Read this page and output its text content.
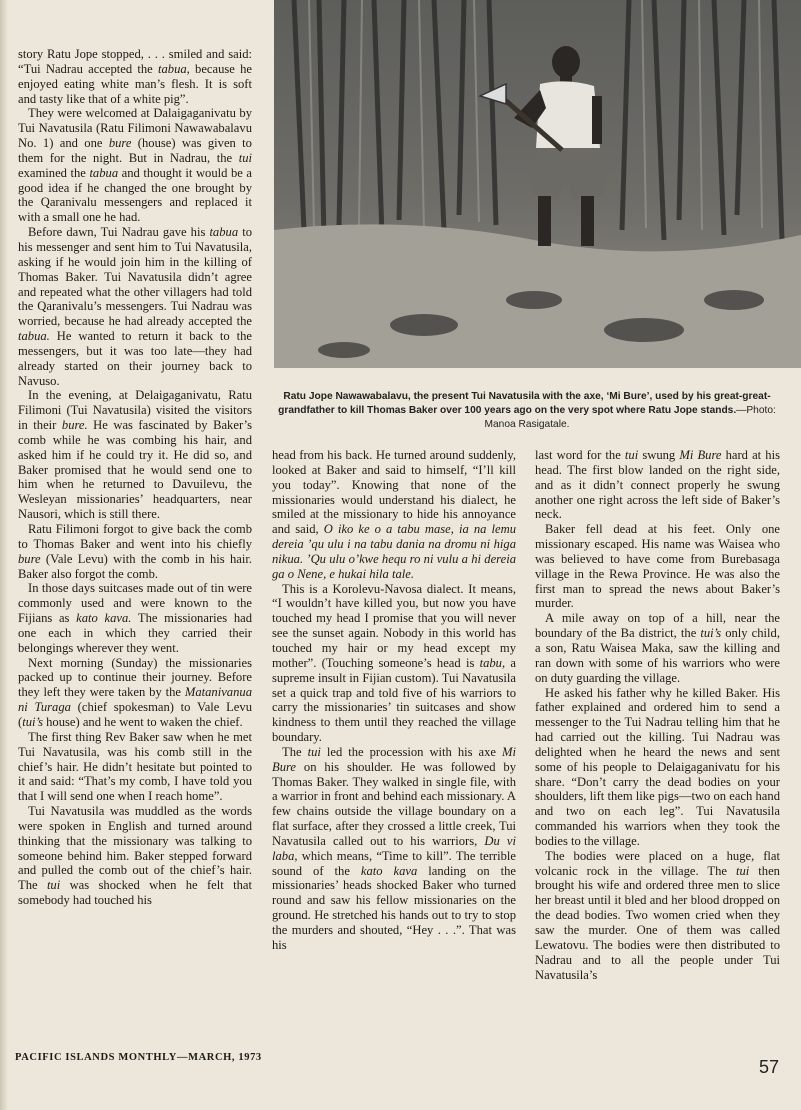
story Ratu Jope stopped, . . . smiled and said: “Tui Nadrau accepted the tabua, because he enjoyed eating white man’s flesh. It is soft and tasty like that of a white pig”.

They were welcomed at Dalaigaganivatu by Tui Navatusila (Ratu Filimoni Nawawabalavu No. 1) and one bure (house) was given to them for the night. But in Nadrau, the tui examined the tabua and thought it would be a good idea if he changed the one brought by the Qaranivalu messengers and replaced it with a small one he had.

Before dawn, Tui Nadrau gave his tabua to his messenger and sent him to Tui Navatusila, asking if he would join him in the killing of Thomas Baker. Tui Navatusila didn’t agree and repeated what the other villagers had told the Qaranivalu’s messengers. Tui Nadrau was worried, because he had already accepted the tabua. He wanted to return it back to the messengers, but it was too late—they had already started on their journey back to Navuso.

In the evening, at Delaigaganivatu, Ratu Filimoni (Tui Navatusila) visited the visitors in their bure. He was fascinated by Baker’s comb while he was combing his hair, and asked him if he could try it. He did so, and Baker promised that he would send one to him when he returned to Davuilevu, the Wesleyan missionaries’ headquarters, near Nausori, which is still there.

Ratu Filimoni forgot to give back the comb to Thomas Baker and went into his chiefly bure (Vale Levu) with the comb in his hair. Baker also forgot the comb.

In those days suitcases made out of tin were commonly used and were known to the Fijians as kato kava. The missionaries had one each in which they carried their belongings wherever they went.

Next morning (Sunday) the missionaries packed up to continue their journey. Before they left they were taken by the Matanivanua ni Turaga (chief spokesman) to Vale Levu (tui’s house) and he went to waken the chief.

The first thing Rev Baker saw when he met Tui Navatusila, was his comb still in the chief’s hair. He didn’t hesitate but pointed to it and said: “That’s my comb, I have told you that I will send one when I reach home”.

Tui Navatusila was muddled as the words were spoken in English and turned around thinking that the missionary was talking to someone behind him. Baker stepped forward and pulled the comb out of the chief’s hair. The tui was shocked when he felt that somebody had touched his

Ratu Jope Nawawabalavu, the present Tui Navatusila with the axe, ‘Mi Bure’, used by his great-great-grandfather to kill Thomas Baker over 100 years ago on the very spot where Ratu Jope stands.—Photo: Manoa Rasigatale.

head from his back. He turned around suddenly, looked at Baker and said to himself, “I’ll kill you today”. Knowing that none of the missionaries would understand his dialect, he smiled at the missionary to hide his annoyance and said, O iko ke o a tabu mase, ia na lemu dereia ’qu ulu i na tabu dania na dromu ni higa nikua. ’Qu ulu o’kwe hequ ro ni vulu a hi dereia ga o Nene, e hukai hila tale.

This is a Korolevu-Navosa dialect. It means, “I wouldn’t have killed you, but now you have touched my head I promise that you will never see the sunset again. Nobody in this world has touched my hair or my head except my mother”. (Touching someone’s head is tabu, a supreme insult in Fijian custom). Tui Navatusila set a quick trap and told five of his warriors to carry the missionaries’ tin suitcases and show kindness to them until they reached the village boundary.

The tui led the procession with his axe Mi Bure on his shoulder. He was followed by Thomas Baker. They walked in single file, with a warrior in front and behind each missionary. A few chains outside the village boundary on a flat surface, after they crossed a little creek, Tui Navatusila called out to his warriors, Du vi laba, which means, “Time to kill”. The terrible sound of the kato kava landing on the missionaries’ heads shocked Baker who turned round and saw his fellow missionaries on the ground. He stretched his hands out to try to stop the murders and shouted, “Hey . . .”. That was his

last word for the tui swung Mi Bure hard at his head. The first blow landed on the right side, and as it didn’t connect properly he swung another one right across the left side of Baker’s neck.

Baker fell dead at his feet. Only one missionary escaped. His name was Waisea who was believed to have come from Burebasaga village in the Rewa Province. He was also the first man to spread the news about Baker’s murder.

A mile away on top of a hill, near the boundary of the Ba district, the tui’s only child, a son, Ratu Waisea Maka, saw the killing and ran down with some of his warriors who were on duty guarding the village.

He asked his father why he killed Baker. His father explained and ordered him to send a messenger to the Tui Nadrau telling him that he had carried out the killing. Tui Nadrau was delighted when he heard the news and sent some of his people to Delaigaganivatu for his share. “Don’t carry the dead bodies on your shoulders, lift them like pigs—two on each hand and two on each leg”. Tui Navatusila commanded his warriors when they took the bodies to the village.

The bodies were placed on a huge, flat volcanic rock in the village. The tui then brought his wife and ordered three men to slice her breast until it bled and her blood dropped on the dead bodies. Two women cried when they saw the murder. One of them was called Lewatovu. The bodies were then distributed to Nadrau and to all the people under Tui Navatusila’s

PACIFIC ISLANDS MONTHLY—MARCH, 1973	57
